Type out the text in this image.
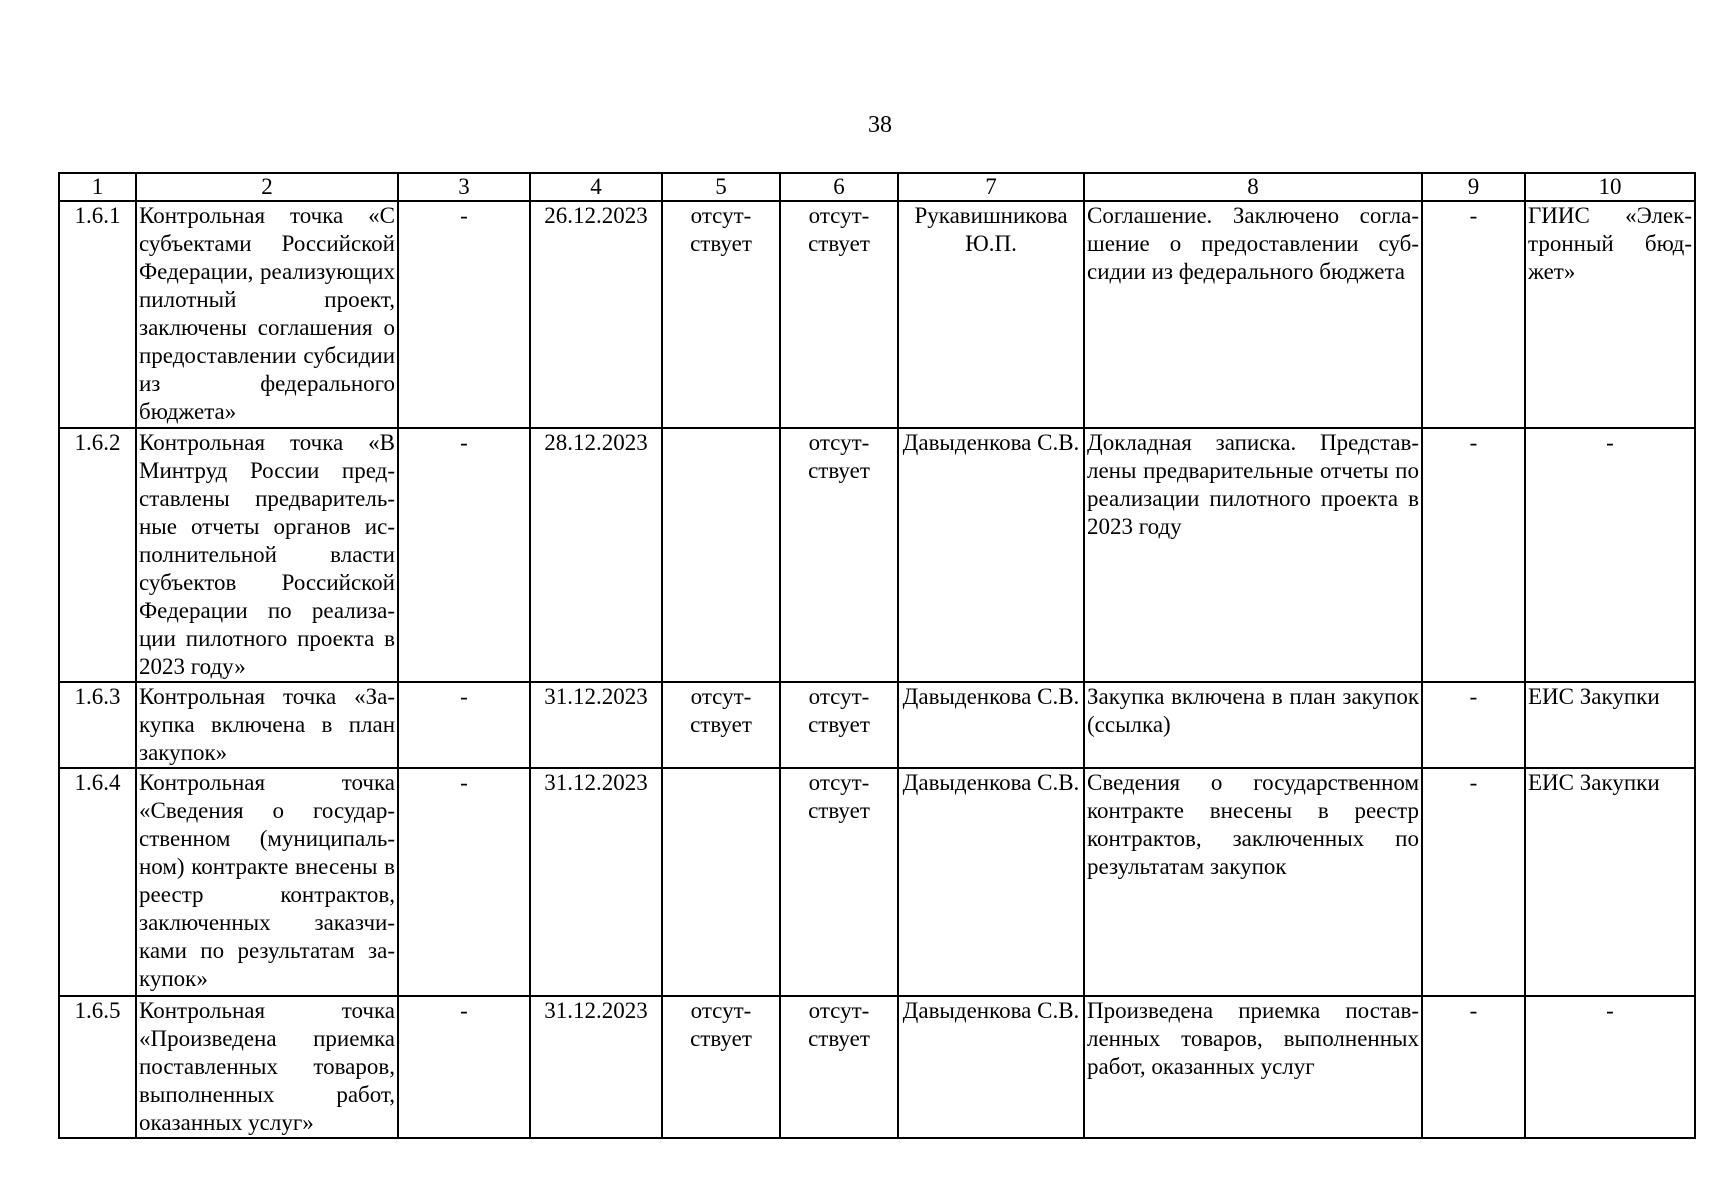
38
1	2	3	4	5	6	7	8	9	10
1.6.1	Контрольная точка «С субъектами Российской Федерации, реализующих пилотный проект, заключены соглашения о предоставлении субсидии из федерального бюджета»	-	26.12.2023	отсутствует	отсутствует	Рукавишникова Ю.П.	Соглашение. Заключено соглашение о предоставлении субсидии из федерального бюджета	-	ГИИС «Электронный бюджет»
1.6.2	Контрольная точка «В Минтруд России представлены предварительные отчеты органов исполнительной власти субъектов Российской Федерации по реализации пилотного проекта в 2023 году»	-	28.12.2023		отсутствует	Давыденкова С.В.	Докладная записка. Представлены предварительные отчеты по реализации пилотного проекта в 2023 году	-	-
1.6.3	Контрольная точка «Закупка включена в план закупок»	-	31.12.2023	отсутствует	отсутствует	Давыденкова С.В.	Закупка включена в план закупок (ссылка)	-	ЕИС Закупки
1.6.4	Контрольная точка «Сведения о государственном (муниципальном) контракте внесены в реестр контрактов, заключенных заказчиками по результатам закупок»	-	31.12.2023		отсутствует	Давыденкова С.В.	Сведения о государственном контракте внесены в реестр контрактов, заключенных по результатам закупок	-	ЕИС Закупки
1.6.5	Контрольная точка «Произведена приемка поставленных товаров, выполненных работ, оказанных услуг»	-	31.12.2023	отсутствует	отсутствует	Давыденкова С.В.	Произведена приемка поставленных товаров, выполненных работ, оказанных услуг	-	-
